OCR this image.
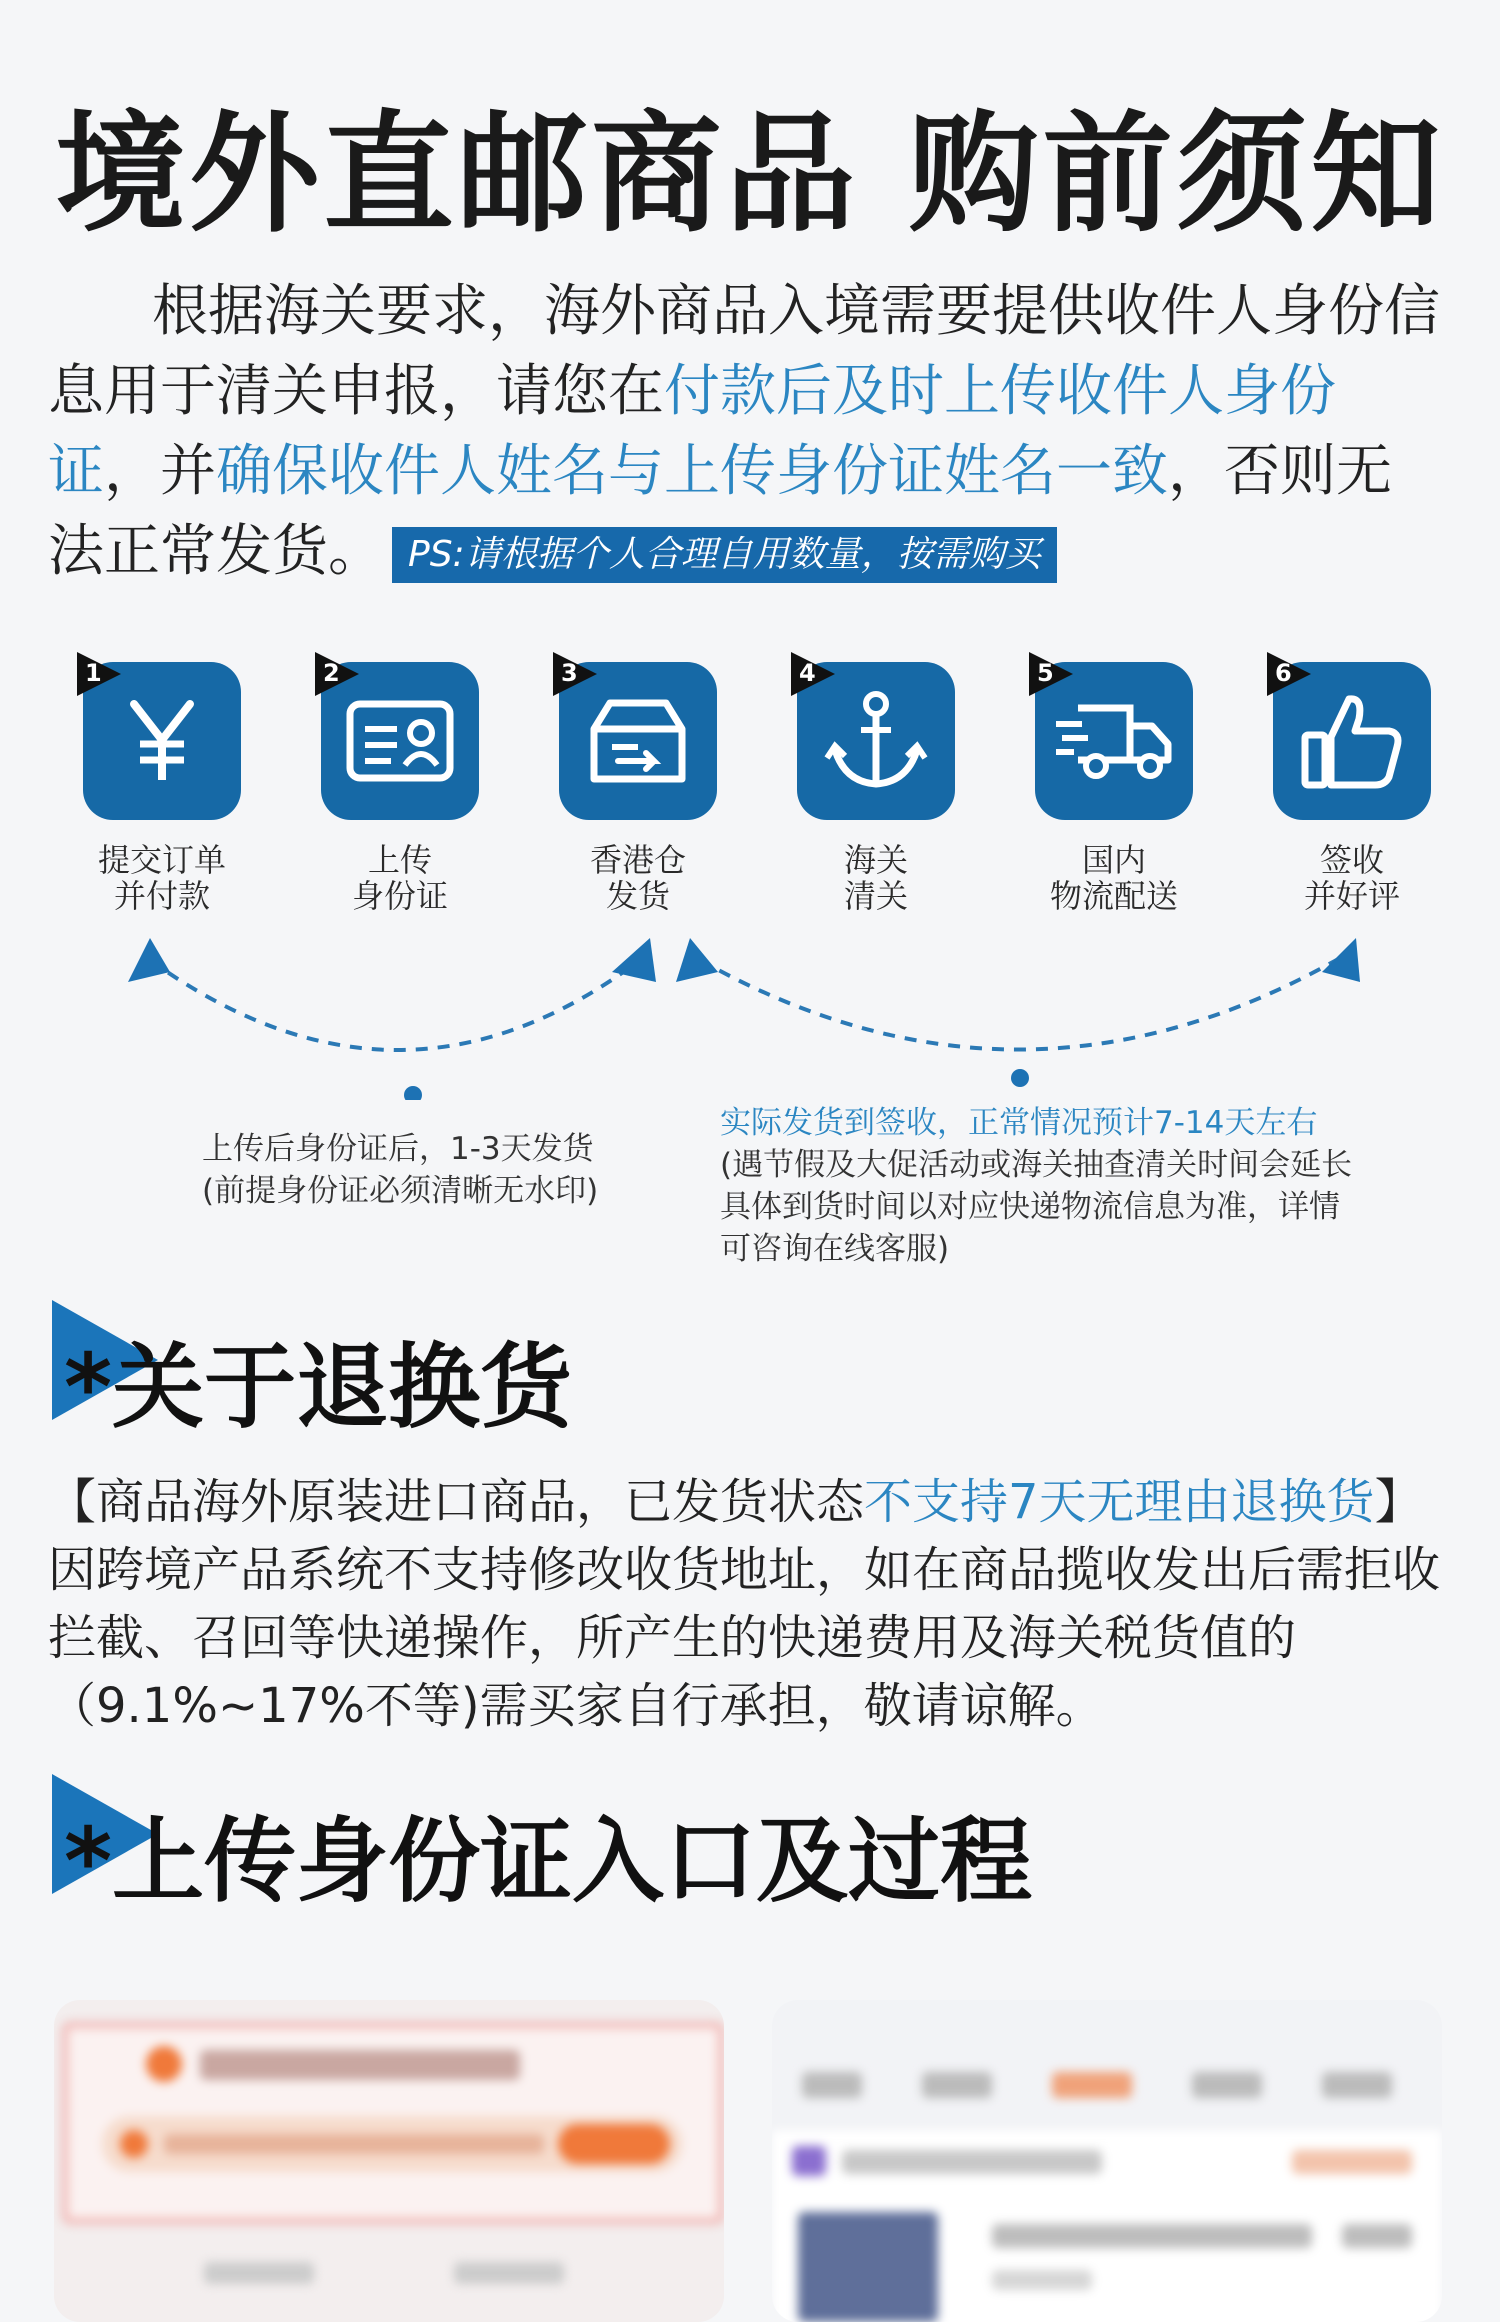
境外直邮商品 购前须知
根据海关要求，海外商品入境需要提供收件人身份信息用于清关申报，请您在付款后及时上传收件人身份证，并确保收件人姓名与上传身份证姓名一致，否则无法正常发货。 PS:请根据个人合理自用数量，按需购买
1
提交订单
并付款
2
上传
身份证
3
香港仓
发货
4
海关
清关
5
国内
物流配送
6
签收
并好评
上传后身份证后，1-3天发货(前提身份证必须清晰无水印)
实际发货到签收，正常情况预计7-14天左右
(遇节假及大促活动或海关抽查清关时间会延长具体到货时间以对应快递物流信息为准，详情可咨询在线客服)
*关于退换货
【商品海外原装进口商品，已发货状态不支持7天无理由退换货】因跨境产品系统不支持修改收货地址，如在商品揽收发出后需拒收拦截、召回等快递操作，所产生的快递费用及海关税货值的（9.1%~17%不等)需买家自行承担，敬请谅解。
*上传身份证入口及过程
